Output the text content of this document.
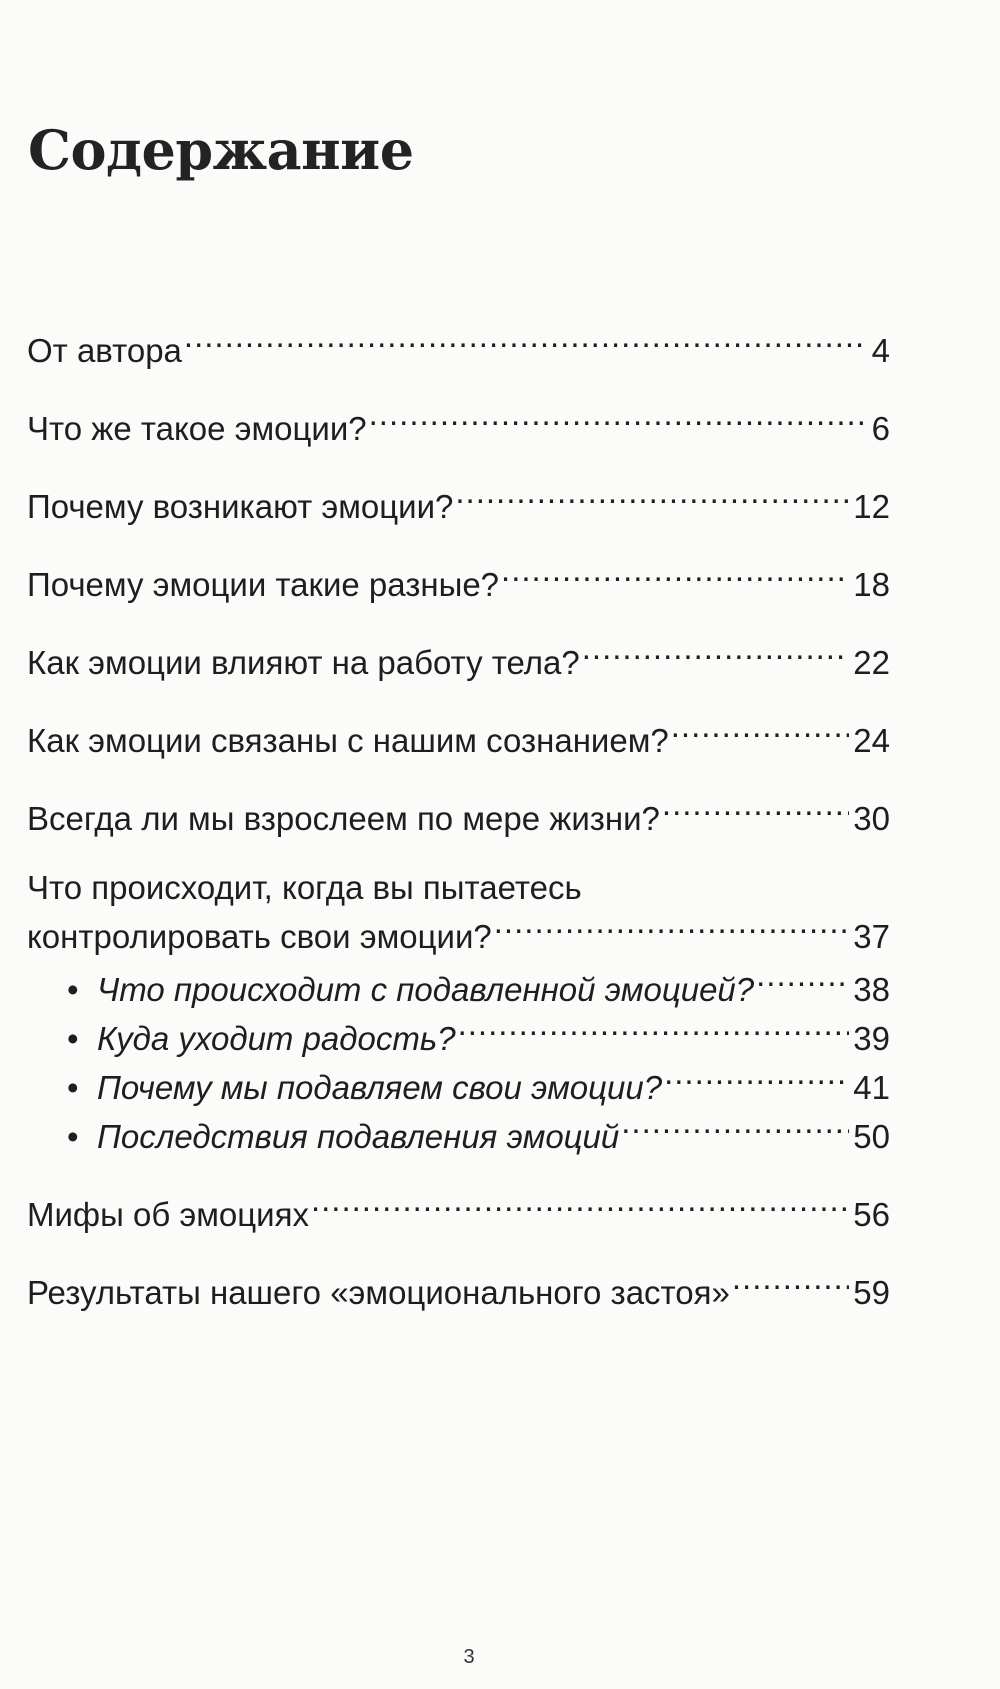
Содержание
От автора .....	4
Что же такое эмоции? .....	6
Почему возникают эмоции? .....	12
Почему эмоции такие разные? .....	18
Как эмоции влияют на работу тела? .....	22
Как эмоции связаны с нашим сознанием? .....	24
Всегда ли мы взрослеем по мере жизни? .....	30
Что происходит, когда вы пытаетесь
контролировать свои эмоции? .....	37
• Что происходит с подавленной эмоцией? .....	38
• Куда уходит радость? .....	39
• Почему мы подавляем свои эмоции? .....	41
• Последствия подавления эмоций .....	50
Мифы об эмоциях .....	56
Результаты нашего «эмоционального застоя» .....	59
3
